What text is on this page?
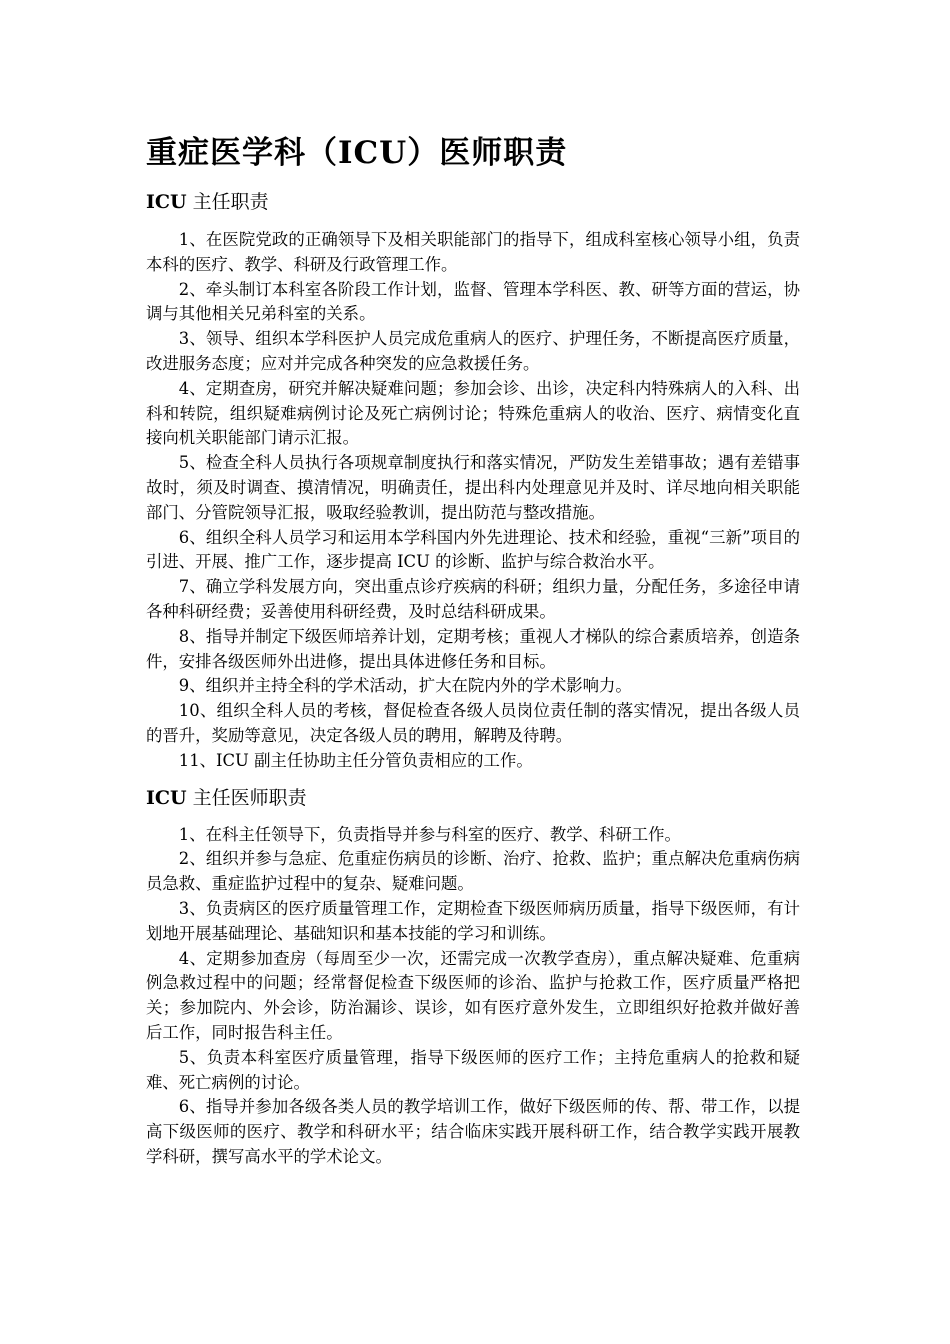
重症医学科（ICU）医师职责
ICU 主任职责

1、在医院党政的正确领导下及相关职能部门的指导下，组成科室核心领导小组，负责本科的医疗、教学、科研及行政管理工作。

2、牵头制订本科室各阶段工作计划，监督、管理本学科医、教、研等方面的营运，协调与其他相关兄弟科室的关系。

3、领导、组织本学科医护人员完成危重病人的医疗、护理任务，不断提高医疗质量，改进服务态度；应对并完成各种突发的应急救援任务。

4、定期查房，研究并解决疑难问题；参加会诊、出诊，决定科内特殊病人的入科、出科和转院，组织疑难病例讨论及死亡病例讨论；特殊危重病人的收治、医疗、病情变化直接向机关职能部门请示汇报。

5、检查全科人员执行各项规章制度执行和落实情况，严防发生差错事故；遇有差错事故时，须及时调查、摸清情况，明确责任，提出科内处理意见并及时、详尽地向相关职能部门、分管院领导汇报，吸取经验教训，提出防范与整改措施。

6、组织全科人员学习和运用本学科国内外先进理论、技术和经验，重视“三新”项目的引进、开展、推广工作，逐步提高 ICU 的诊断、监护与综合救治水平。

7、确立学科发展方向，突出重点诊疗疾病的科研；组织力量，分配任务，多途径申请各种科研经费；妥善使用科研经费，及时总结科研成果。

8、指导并制定下级医师培养计划，定期考核；重视人才梯队的综合素质培养，创造条件，安排各级医师外出进修，提出具体进修任务和目标。

9、组织并主持全科的学术活动，扩大在院内外的学术影响力。

10、组织全科人员的考核，督促检查各级人员岗位责任制的落实情况，提出各级人员的晋升，奖励等意见，决定各级人员的聘用，解聘及待聘。

11、ICU 副主任协助主任分管负责相应的工作。

ICU 主任医师职责

1、在科主任领导下，负责指导并参与科室的医疗、教学、科研工作。

2、组织并参与急症、危重症伤病员的诊断、治疗、抢救、监护；重点解决危重病伤病员急救、重症监护过程中的复杂、疑难问题。

3、负责病区的医疗质量管理工作，定期检查下级医师病历质量，指导下级医师，有计划地开展基础理论、基础知识和基本技能的学习和训练。

4、定期参加查房（每周至少一次，还需完成一次教学查房），重点解决疑难、危重病例急救过程中的问题；经常督促检查下级医师的诊治、监护与抢救工作，医疗质量严格把关；参加院内、外会诊，防治漏诊、误诊，如有医疗意外发生，立即组织好抢救并做好善后工作，同时报告科主任。

5、负责本科室医疗质量管理，指导下级医师的医疗工作；主持危重病人的抢救和疑难、死亡病例的讨论。

6、指导并参加各级各类人员的教学培训工作，做好下级医师的传、帮、带工作，以提高下级医师的医疗、教学和科研水平；结合临床实践开展科研工作，结合教学实践开展教学科研，撰写高水平的学术论文。
